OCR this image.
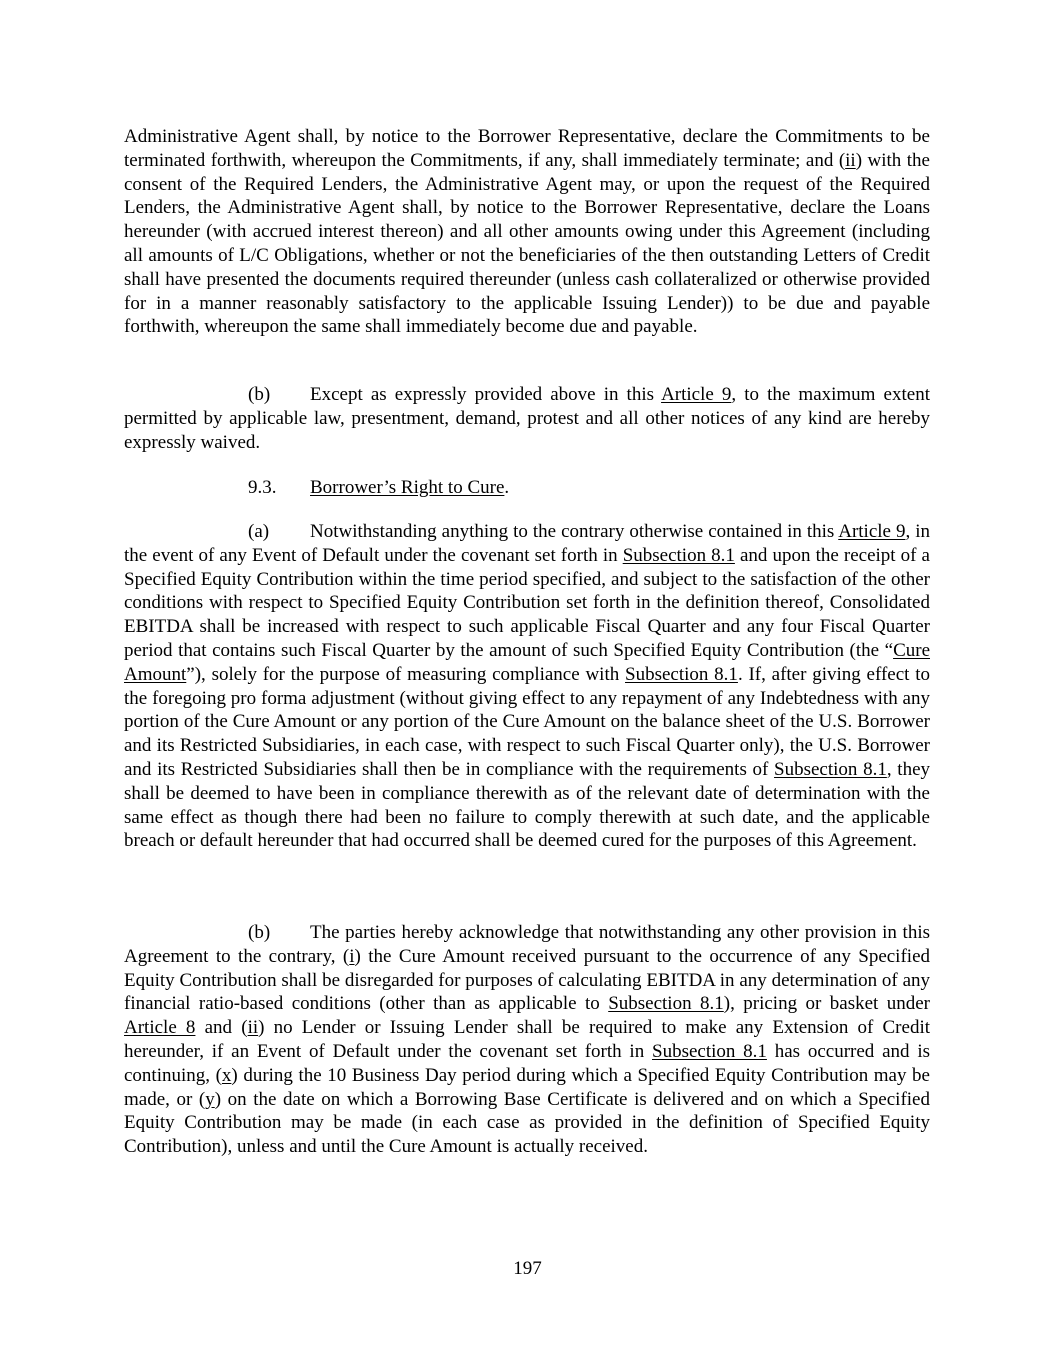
Administrative Agent shall, by notice to the Borrower Representative, declare the Commitments to be terminated forthwith, whereupon the Commitments, if any, shall immediately terminate; and (ii) with the consent of the Required Lenders, the Administrative Agent may, or upon the request of the Required Lenders, the Administrative Agent shall, by notice to the Borrower Representative, declare the Loans hereunder (with accrued interest thereon) and all other amounts owing under this Agreement (including all amounts of L/C Obligations, whether or not the beneficiaries of the then outstanding Letters of Credit shall have presented the documents required thereunder (unless cash collateralized or otherwise provided for in a manner reasonably satisfactory to the applicable Issuing Lender)) to be due and payable forthwith, whereupon the same shall immediately become due and payable.

(b) Except as expressly provided above in this Article 9, to the maximum extent permitted by applicable law, presentment, demand, protest and all other notices of any kind are hereby expressly waived.

9.3. Borrower’s Right to Cure.

(a) Notwithstanding anything to the contrary otherwise contained in this Article 9, in the event of any Event of Default under the covenant set forth in Subsection 8.1 and upon the receipt of a Specified Equity Contribution within the time period specified, and subject to the satisfaction of the other conditions with respect to Specified Equity Contribution set forth in the definition thereof, Consolidated EBITDA shall be increased with respect to such applicable Fiscal Quarter and any four Fiscal Quarter period that contains such Fiscal Quarter by the amount of such Specified Equity Contribution (the “Cure Amount”), solely for the purpose of measuring compliance with Subsection 8.1. If, after giving effect to the foregoing pro forma adjustment (without giving effect to any repayment of any Indebtedness with any portion of the Cure Amount or any portion of the Cure Amount on the balance sheet of the U.S. Borrower and its Restricted Subsidiaries, in each case, with respect to such Fiscal Quarter only), the U.S. Borrower and its Restricted Subsidiaries shall then be in compliance with the requirements of Subsection 8.1, they shall be deemed to have been in compliance therewith as of the relevant date of determination with the same effect as though there had been no failure to comply therewith at such date, and the applicable breach or default hereunder that had occurred shall be deemed cured for the purposes of this Agreement.

(b) The parties hereby acknowledge that notwithstanding any other provision in this Agreement to the contrary, (i) the Cure Amount received pursuant to the occurrence of any Specified Equity Contribution shall be disregarded for purposes of calculating EBITDA in any determination of any financial ratio-based conditions (other than as applicable to Subsection 8.1), pricing or basket under Article 8 and (ii) no Lender or Issuing Lender shall be required to make any Extension of Credit hereunder, if an Event of Default under the covenant set forth in Subsection 8.1 has occurred and is continuing, (x) during the 10 Business Day period during which a Specified Equity Contribution may be made, or (y) on the date on which a Borrowing Base Certificate is delivered and on which a Specified Equity Contribution may be made (in each case as provided in the definition of Specified Equity Contribution), unless and until the Cure Amount is actually received.

197
